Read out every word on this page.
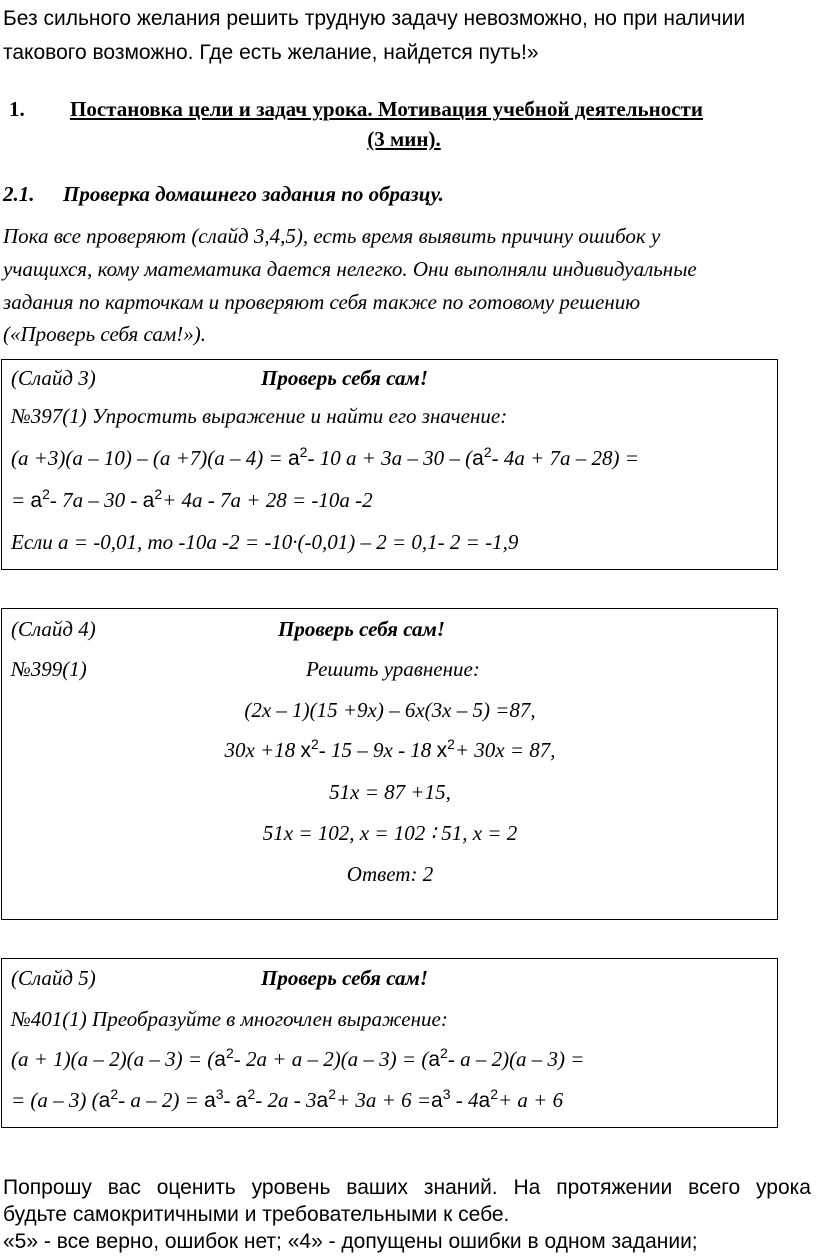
Без сильного желания решить трудную задачу невозможно, но при наличии
такового возможно. Где есть желание, найдется путь!»
1. Постановка цели и задач урока. Мотивация учебной деятельности
(3 мин).
2.1. Проверка домашнего задания по образцу.
Пока все проверяют (слайд 3,4,5), есть время выявить причину ошибок у
учащихся, кому математика дается нелегко. Они выполняли индивидуальные
задания по карточкам и проверяют себя также по готовому решению
(«Проверь себя сам!»).
(Слайд 3)	Проверь себя сам!
№397(1) Упростить выражение и найти его значение:
$(а +3)(а - 10) - (а +7)(а - 4) = а^2-$ 10 $а + 3а - 30 - (а^2-$ 4а + 7а – 28) =
= $а^2-$ $7а - 30 - а^2+ 4а - 7а + 28 = -10а$ -2
Если а = -0,01, то -10а -2 = -10·(-0,01) – 2 = 0,1- 2 = -1,9
(Слайд 4)	Проверь себя сам!
№399(1)	Решить уравнение:
(2x – 1)(15 +9x) – 6x(3x – 5) =87,
30x +18 $x^2-$ 15 – 9x - 18 $x^2+ 30x = 87$,
51x = 87 +15,
51x = 102, x = 102 ∶ 51, x = 2
Ответ: 2
(Слайд 5)	Проверь себя сам!
№401(1) Преобразуйте в многочлен выражение:
$(а + 1)(а - 2)(а - 3) = (а^2-$ $2а + а - 2)(а - 3) = (а^2-$ а – 2)(а – 3) =
= (а – 3) ($а^2-$ $а - 2) = а^3-$ $а^2-$ $2а - 3а^2+ 3а + 6 =а^3 - 4а^2+ а + 6$
Попрошу вас оценить уровень ваших знаний. На протяжении всего урока
будьте самокритичными и требовательными к себе.
«5» - все верно, ошибок нет; «4» - допущены ошибки в одном задании;
